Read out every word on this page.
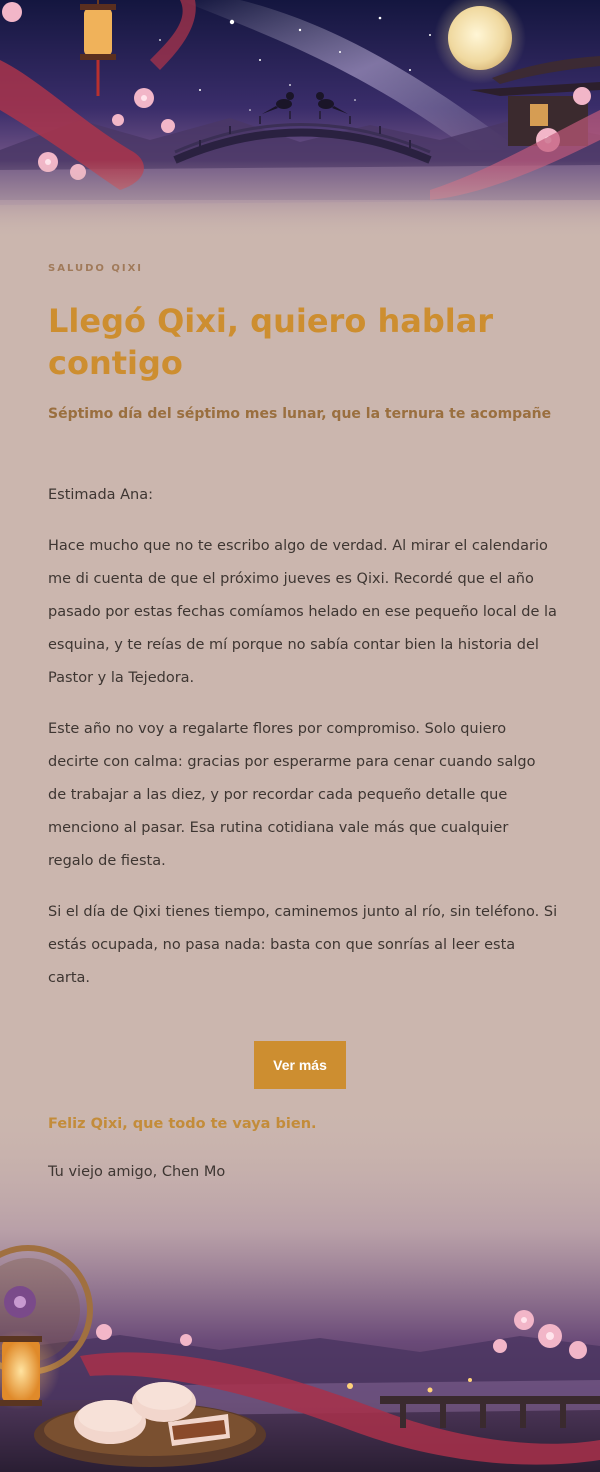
SALUDO QIXI
Llegó Qixi, quiero hablar contigo

Séptimo día del séptimo mes lunar, que la ternura te acompañe

Estimada Ana:

Hace mucho que no te escribo algo de verdad. Al mirar el calendario me di cuenta de que el próximo jueves es Qixi. Recordé que el año pasado por estas fechas comíamos helado en ese pequeño local de la esquina, y te reías de mí porque no sabía contar bien la historia del Pastor y la Tejedora.

Este año no voy a regalarte flores por compromiso. Solo quiero decirte con calma: gracias por esperarme para cenar cuando salgo de trabajar a las diez, y por recordar cada pequeño detalle que menciono al pasar. Esa rutina cotidiana vale más que cualquier regalo de fiesta.

Si el día de Qixi tienes tiempo, caminemos junto al río, sin teléfono. Si estás ocupada, no pasa nada: basta con que sonrías al leer esta carta.

Ver más

Feliz Qixi, que todo te vaya bien.

Tu viejo amigo, Chen Mo
